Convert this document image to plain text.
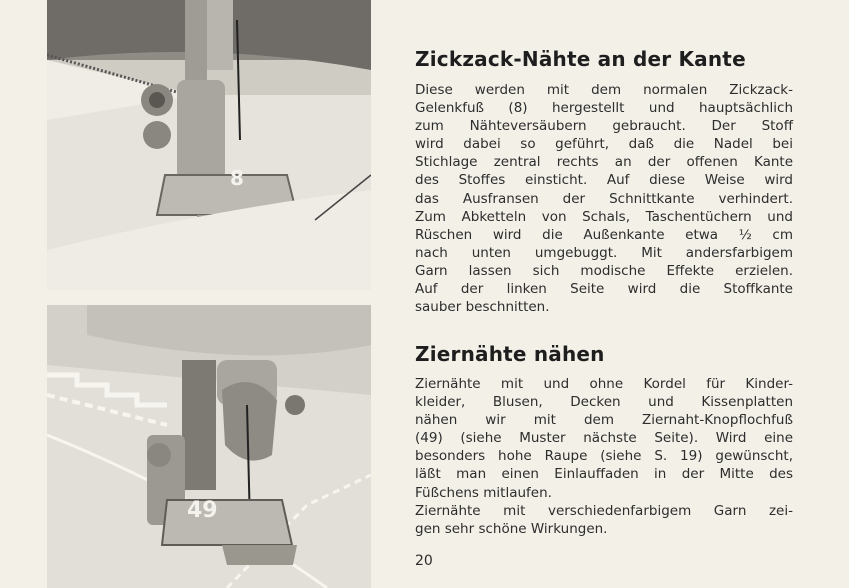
8
49
Zickzack-Nähte an der Kante

Diese werden mit dem normalen Zickzack-

Gelenkfuß (8) hergestellt und hauptsächlich

zum Nähteversäubern gebraucht. Der Stoff

wird dabei so geführt, daß die Nadel bei

Stichlage zentral rechts an der offenen Kante

des Stoffes einsticht. Auf diese Weise wird

das Ausfransen der Schnittkante verhindert.

Zum Abketteln von Schals, Taschentüchern und

Rüschen wird die Außenkante etwa ½ cm

nach unten umgebuggt. Mit andersfarbigem

Garn lassen sich modische Effekte erzielen.

Auf der linken Seite wird die Stoffkante

sauber beschnitten.

Ziernähte nähen

Ziernähte mit und ohne Kordel für Kinder-

kleider, Blusen, Decken und Kissenplatten

nähen wir mit dem Ziernaht-Knopflochfuß

(49) (siehe Muster nächste Seite). Wird eine

besonders hohe Raupe (siehe S. 19) gewünscht,

läßt man einen Einlauffaden in der Mitte des

Füßchens mitlaufen.

Ziernähte mit verschiedenfarbigem Garn zei-

gen sehr schöne Wirkungen.

20
